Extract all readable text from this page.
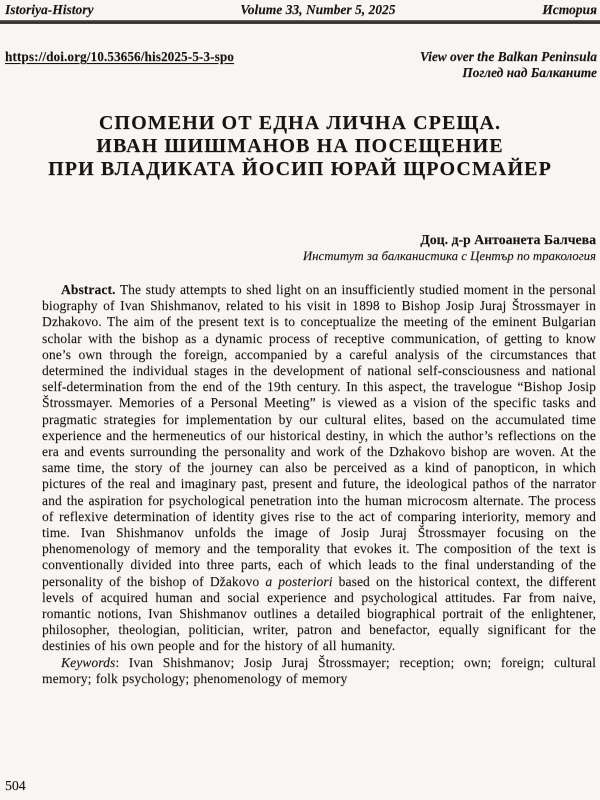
Istoriya-History	Volume 33, Number 5, 2025	История
https://doi.org/10.53656/his2025-5-3-spo	View over the Balkan Peninsula
Поглед над Балканите
СПОМЕНИ ОТ ЕДНА ЛИЧНА СРЕЩА.
ИВАН ШИШМАНОВ НА ПОСЕЩЕНИЕ
ПРИ ВЛАДИКАТА ЙОСИП ЮРАЙ ЩРОСМАЙЕР
Доц. д-р Антоанета Балчева
Институт за балканистика с Център по тракология

Abstract. The study attempts to shed light on an insufficiently studied moment in the personal biography of Ivan Shishmanov, related to his visit in 1898 to Bishop Josip Juraj Štrossmayer in Dzhakovo. The aim of the present text is to conceptualize the meeting of the eminent Bulgarian scholar with the bishop as a dynamic process of receptive communication, of getting to know one’s own through the foreign, accompanied by a careful analysis of the circumstances that determined the individual stages in the development of national self-consciousness and national self-determination from the end of the 19th century. In this aspect, the travelogue “Bishop Josip Štrossmayer. Memories of a Personal Meeting” is viewed as a vision of the specific tasks and pragmatic strategies for implementation by our cultural elites, based on the accumulated time experience and the hermeneutics of our historical destiny, in which the author’s reflections on the era and events surrounding the personality and work of the Dzhakovo bishop are woven. At the same time, the story of the journey can also be perceived as a kind of panopticon, in which pictures of the real and imaginary past, present and future, the ideological pathos of the narrator and the aspiration for psychological penetration into the human microcosm alternate. The process of reflexive determination of identity gives rise to the act of comparing interiority, memory and time. Ivan Shishmanov unfolds the image of Josip Juraj Štrossmayer focusing on the phenomenology of memory and the temporality that evokes it. The composition of the text is conventionally divided into three parts, each of which leads to the final understanding of the personality of the bishop of Džakovo a posteriori based on the historical context, the different levels of acquired human and social experience and psychological attitudes. Far from naive, romantic notions, Ivan Shishmanov outlines a detailed biographical portrait of the enlightener, philosopher, theologian, politician, writer, patron and benefactor, equally significant for the destinies of his own people and for the history of all humanity.

Keywords: Ivan Shishmanov; Josip Juraj Štrossmayer; reception; own; foreign; cultural memory; folk psychology; phenomenology of memory

504
